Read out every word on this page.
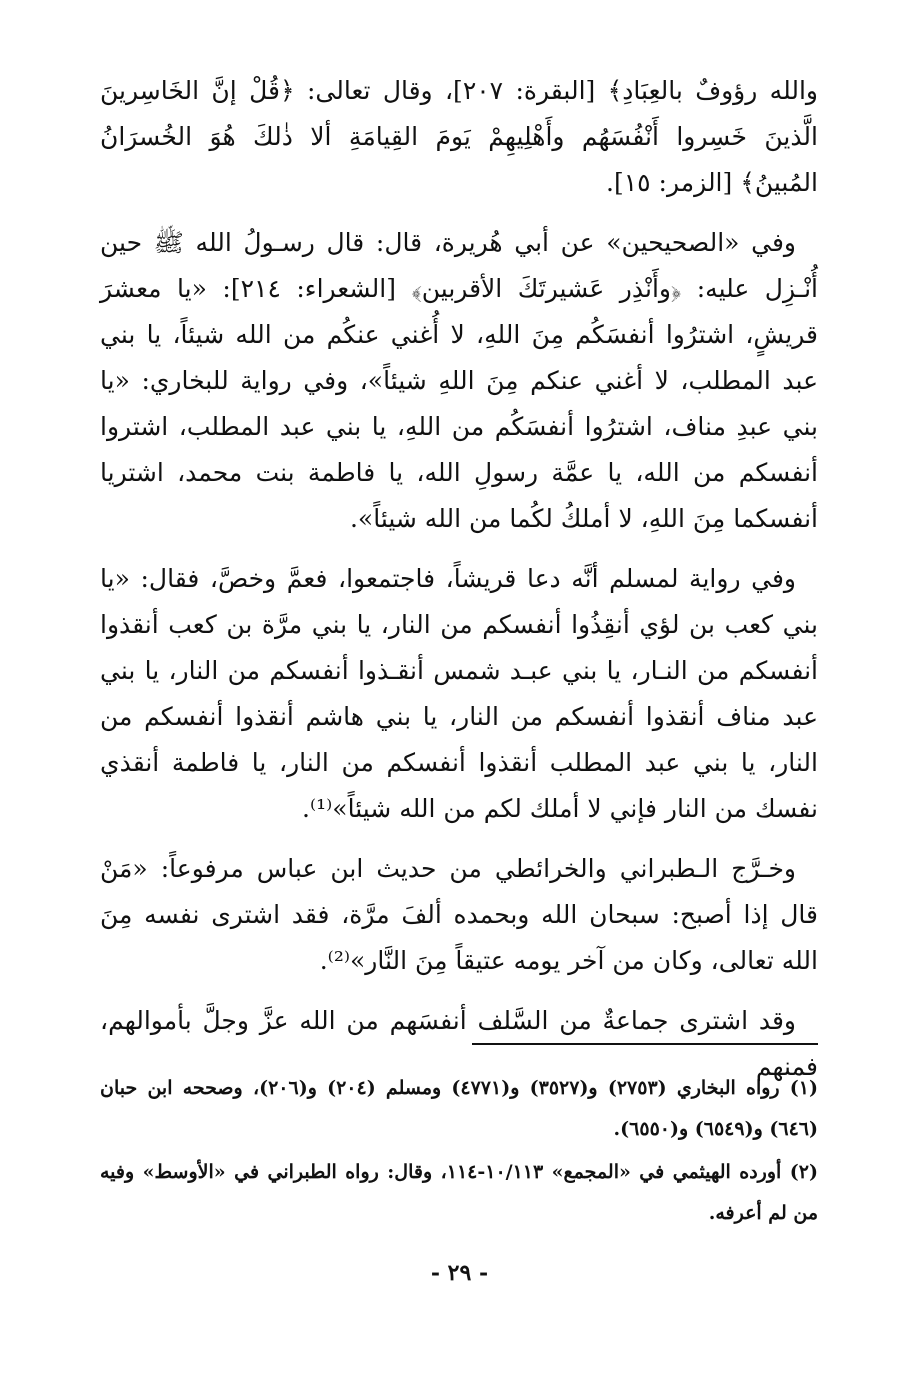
والله رؤوفٌ بالعِبَادِ﴾ [البقرة: ٢٠٧]، وقال تعالى: ﴿قُلْ إنَّ الخَاسِرينَ الَّذينَ خَسِروا أَنْفُسَهُم وأَهْلِيهِمْ يَومَ القِيامَةِ ألا ذٰلكَ هُوَ الخُسرَانُ المُبينُ﴾ [الزمر: ١٥].

وفي «الصحيحين» عن أبي هُريرة، قال: قال رسـولُ الله ﷺ حين أُنْـزِل عليه: ﴿وأَنْذِر عَشيرتَكَ الأقربين﴾ [الشعراء: ٢١٤]: «يا معشرَ قريشٍ، اشترُوا أنفسَكُم مِنَ اللهِ، لا أُغني عنكُم من الله شيئاً، يا بني عبد المطلب، لا أغني عنكم مِنَ اللهِ شيئاً»، وفي رواية للبخاري: «يا بني عبدِ مناف، اشترُوا أنفسَكُم من اللهِ، يا بني عبد المطلب، اشتروا أنفسكم من الله، يا عمَّة رسولِ الله، يا فاطمة بنت محمد، اشتريا أنفسكما مِنَ اللهِ، لا أملكُ لكُما من الله شيئاً».

وفي رواية لمسلم أنَّه دعا قريشاً، فاجتمعوا، فعمَّ وخصَّ، فقال: «يا بني كعب بن لؤي أنقِذُوا أنفسكم من النار، يا بني مرَّة بن كعب أنقذوا أنفسكم من النـار، يا بني عبـد شمس أنقـذوا أنفسكم من النار، يا بني عبد مناف أنقذوا أنفسكم من النار، يا بني هاشم أنقذوا أنفسكم من النار، يا بني عبد المطلب أنقذوا أنفسكم من النار، يا فاطمة أنقذي نفسك من النار فإني لا أملك لكم من الله شيئاً»⁽¹⁾.

وخـرَّج الـطبراني والخرائطي من حديث ابن عباس مرفوعاً: «مَنْ قال إذا أصبح: سبحان الله وبحمده ألفَ مرَّة، فقد اشترى نفسه مِنَ الله تعالى، وكان من آخر يومه عتيقاً مِنَ النَّار»⁽²⁾.

وقد اشترى جماعةٌ من السَّلف أنفسَهم من الله عزَّ وجلَّ بأموالهم، فمنهم

(١) رواه البخاري (٢٧٥٣) و(٣٥٢٧) و(٤٧٧١) ومسلم (٢٠٤) و(٢٠٦)، وصححه ابن حبان (٦٤٦) و(٦٥٤٩) و(٦٥٥٠).

(٢) أورده الهيثمي في «المجمع» ١٠/١١٣-١١٤، وقال: رواه الطبراني في «الأوسط» وفيه من لم أعرفه.

- ٢٩ -
